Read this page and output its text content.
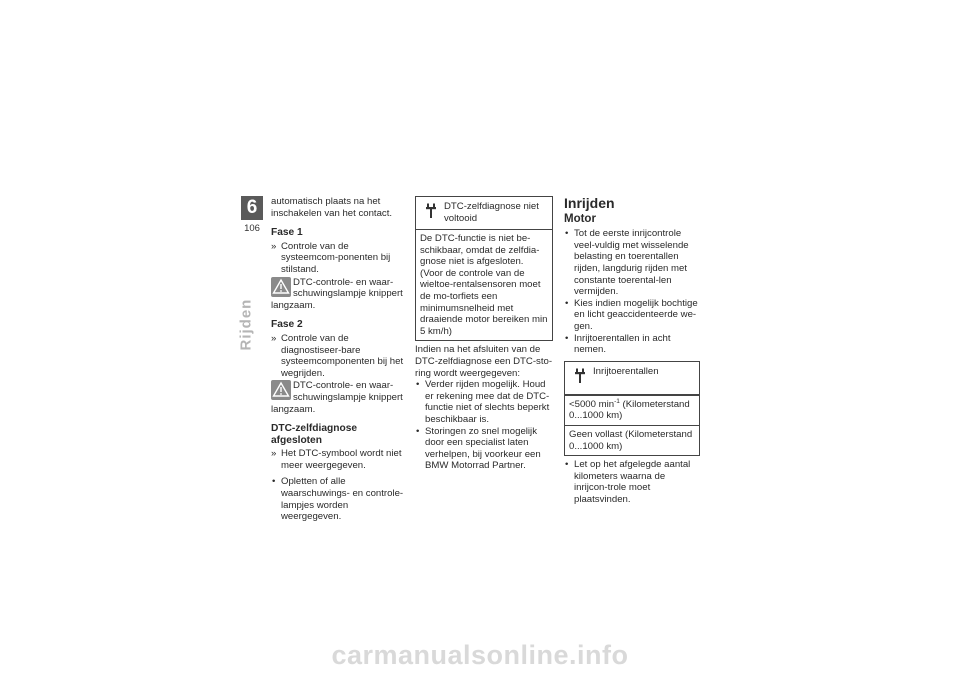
6
106
Rijden

automatisch plaats na het inschakelen van het contact.

Fase 1
» Controle van de systeemcom-ponenten bij stilstand.
DTC-controle- en waar-schuwingslampje knippert

langzaam.

Fase 2
» Controle van de diagnostiseer-bare systeemcomponenten bij het wegrijden.
DTC-controle- en waar-schuwingslampje knippert

langzaam.

DTC-zelfdiagnose afgesloten
» Het DTC-symbool wordt niet meer weergegeven.
• Opletten of alle waarschuwings- en controle-lampjes worden weergegeven.
DTC-zelfdiagnose niet voltooid
De DTC-functie is niet be-schikbaar, omdat de zelfdia-gnose niet is afgesloten. (Voor de controle van de wieltoe-rentalsensoren moet de mo-torfiets een minimumsnelheid met draaiende motor bereiken min 5 km/h)

Indien na het afsluiten van de DTC-zelfdiagnose een DTC-sto-ring wordt weergegeven:

• Verder rijden mogelijk. Houd er rekening mee dat de DTC-functie niet of slechts beperkt beschikbaar is.
• Storingen zo snel mogelijk door een specialist laten verhelpen, bij voorkeur een BMW Motorrad Partner.
Inrijden
Motor
• Tot de eerste inrijcontrole veel-vuldig met wisselende belasting en toerentallen rijden, langdurig rijden met constante toerental-len vermijden.
• Kies indien mogelijk bochtige en licht geaccidenteerde we-gen.
• Inrijtoerentallen in acht nemen.
Inrijtoerentallen
<5000 $\min^{-1}$ (Kilometerstand 0...1000 km)
Geen vollast (Kilometerstand 0...1000 km)
• Let op het afgelegde aantal kilometers waarna de inrijcon-trole moet plaatsvinden.
carmanualsonline.info
